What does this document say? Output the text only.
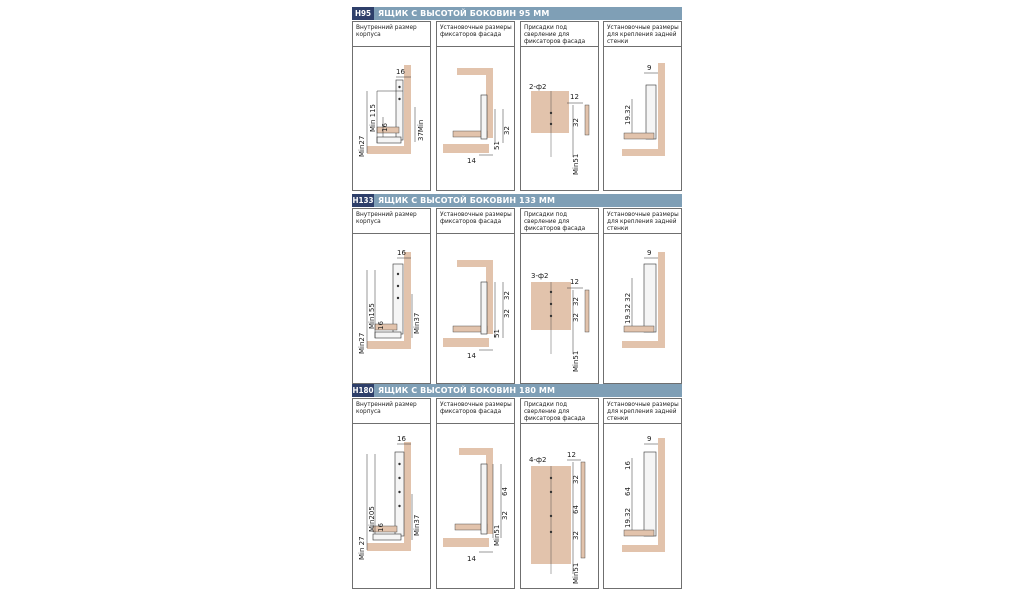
H95 ЯЩИК С ВЫСОТОЙ БОКОВИН 95 ММ
Внутренний размер корпуса
16
Min 115 16	37Min
Min27
Установочные размеры фиксаторов фасада
32
51
14
Присадки под сверление для фиксаторов фасада
2-ф2
12
32
Min51
Установочные размеры для крепления задней стенки
9
19.32
H133 ЯЩИК С ВЫСОТОЙ БОКОВИН 133 ММ
Внутренний размер корпуса
16
Min155 16	Min37
Min27
Установочные размеры фиксаторов фасада
32
32
51
14
Присадки под сверление для фиксаторов фасада
3-ф2
12
32
32
Min51
Установочные размеры для крепления задней стенки
9
19.32 32
H180 ЯЩИК С ВЫСОТОЙ БОКОВИН 180 ММ
Внутренний размер корпуса
16
Min205 16	Min37
Min 27
Установочные размеры фиксаторов фасада
64
32
Min51
14
Присадки под сверление для фиксаторов фасада
4-ф2
12
32
64
32
Min51
Установочные размеры для крепления задней стенки
9
16
64
19.32
